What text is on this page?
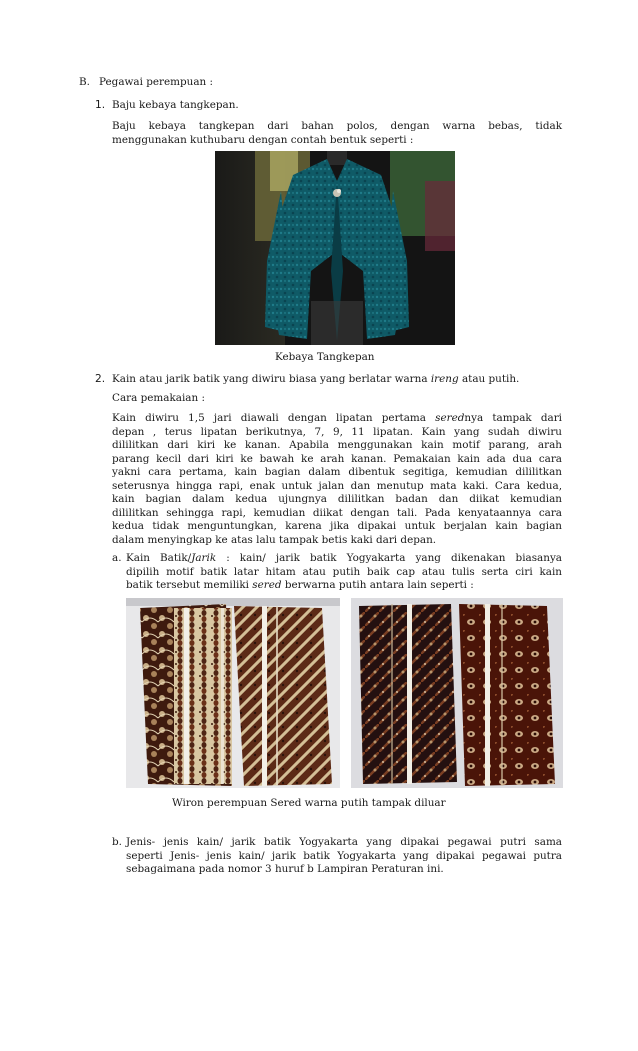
B. Pegawai perempuan :
1. Baju kebaya tangkepan.
Baju kebaya tangkepan dari bahan polos, dengan warna bebas, tidak
menggunakan kuthubaru dengan contah bentuk seperti :
Kebaya Tangkepan
2. Kain atau jarik batik yang diwiru biasa yang berlatar warna ireng atau putih.
Cara pemakaian :
Kain diwiru 1,5 jari diawali dengan lipatan pertama serednya tampak dari
depan , terus lipatan berikutnya, 7, 9, 11 lipatan. Kain yang sudah diwiru
dililitkan dari kiri ke kanan. Apabila menggunakan kain motif parang, arah
parang kecil dari kiri ke bawah ke arah kanan. Pemakaian kain ada dua cara
yakni cara pertama, kain bagian dalam dibentuk segitiga, kemudian dililitkan
seterusnya hingga rapi, enak untuk jalan dan menutup mata kaki. Cara kedua,
kain bagian dalam kedua ujungnya dililitkan badan dan diikat kemudian
dililitkan sehingga rapi, kemudian diikat dengan tali. Pada kenyataannya cara
kedua tidak menguntungkan, karena jika dipakai untuk berjalan kain bagian
dalam menyingkap ke atas lalu tampak betis kaki dari depan.
a. Kain Batik/Jarik : kain/ jarik batik Yogyakarta yang dikenakan biasanya
dipilih motif batik latar hitam atau putih baik cap atau tulis serta ciri kain
batik tersebut memiliki sered berwarna putih antara lain seperti :
Wiron perempuan Sered warna putih tampak diluar
b. Jenis- jenis kain/ jarik batik Yogyakarta yang dipakai pegawai putri sama
seperti Jenis- jenis kain/ jarik batik Yogyakarta yang dipakai pegawai putra
sebagaimana pada nomor 3 huruf b Lampiran Peraturan ini.
